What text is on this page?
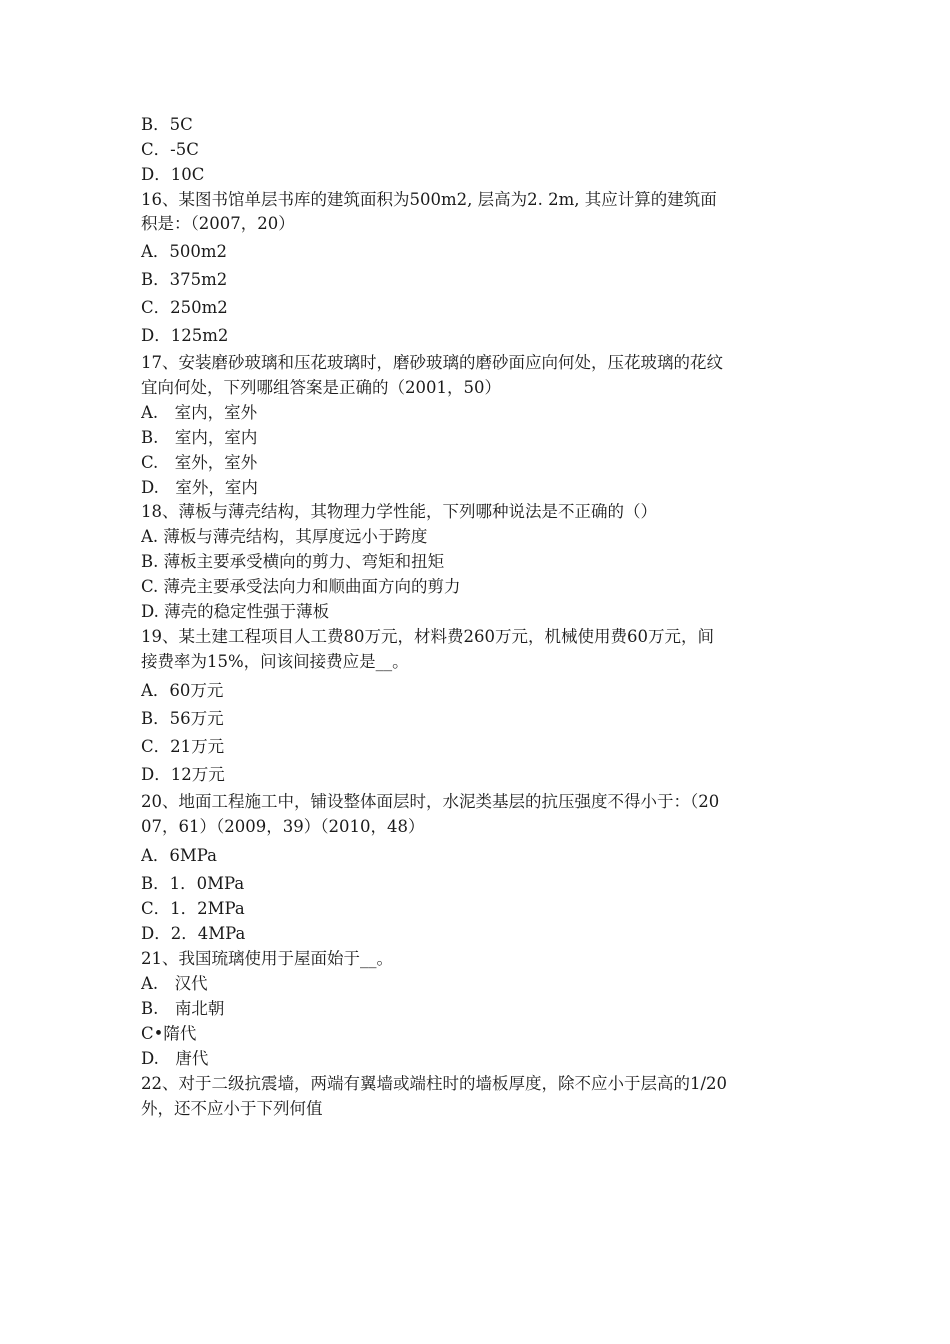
B．5C
C．-5C
D．10C
16、某图书馆单层书库的建筑面积为500m2, 层高为2. 2m, 其应计算的建筑面
积是：（2007，20）
A．500m2
B．375m2
C．250m2
D．125m2
17、安装磨砂玻璃和压花玻璃时，磨砂玻璃的磨砂面应向何处，压花玻璃的花纹
宜向何处，下列哪组答案是正确的（2001，50）
A.　室内，室外
B.　室内，室内
C.　室外，室外
D.　室外，室内
18、薄板与薄壳结构，其物理力学性能，下列哪种说法是不正确的（）
A. 薄板与薄壳结构，其厚度远小于跨度
B. 薄板主要承受横向的剪力、弯矩和扭矩
C. 薄壳主要承受法向力和顺曲面方向的剪力
D. 薄壳的稳定性强于薄板
19、某土建工程项目人工费80万元，材料费260万元，机械使用费60万元，间
接费率为15%，问该间接费应是__。
A．60万元
B．56万元
C．21万元
D．12万元
20、地面工程施工中，铺设整体面层时，水泥类基层的抗压强度不得小于：（20
07，61）（2009，39）（2010，48）
A．6MPa
B．1．0MPa
C．1．2MPa
D．2．4MPa
21、我国琉璃使用于屋面始于__。
A.　汉代
B.　南北朝
C•隋代
D.　唐代
22、对于二级抗震墙，两端有翼墙或端柱时的墙板厚度，除不应小于层高的1/20
外，还不应小于下列何值
